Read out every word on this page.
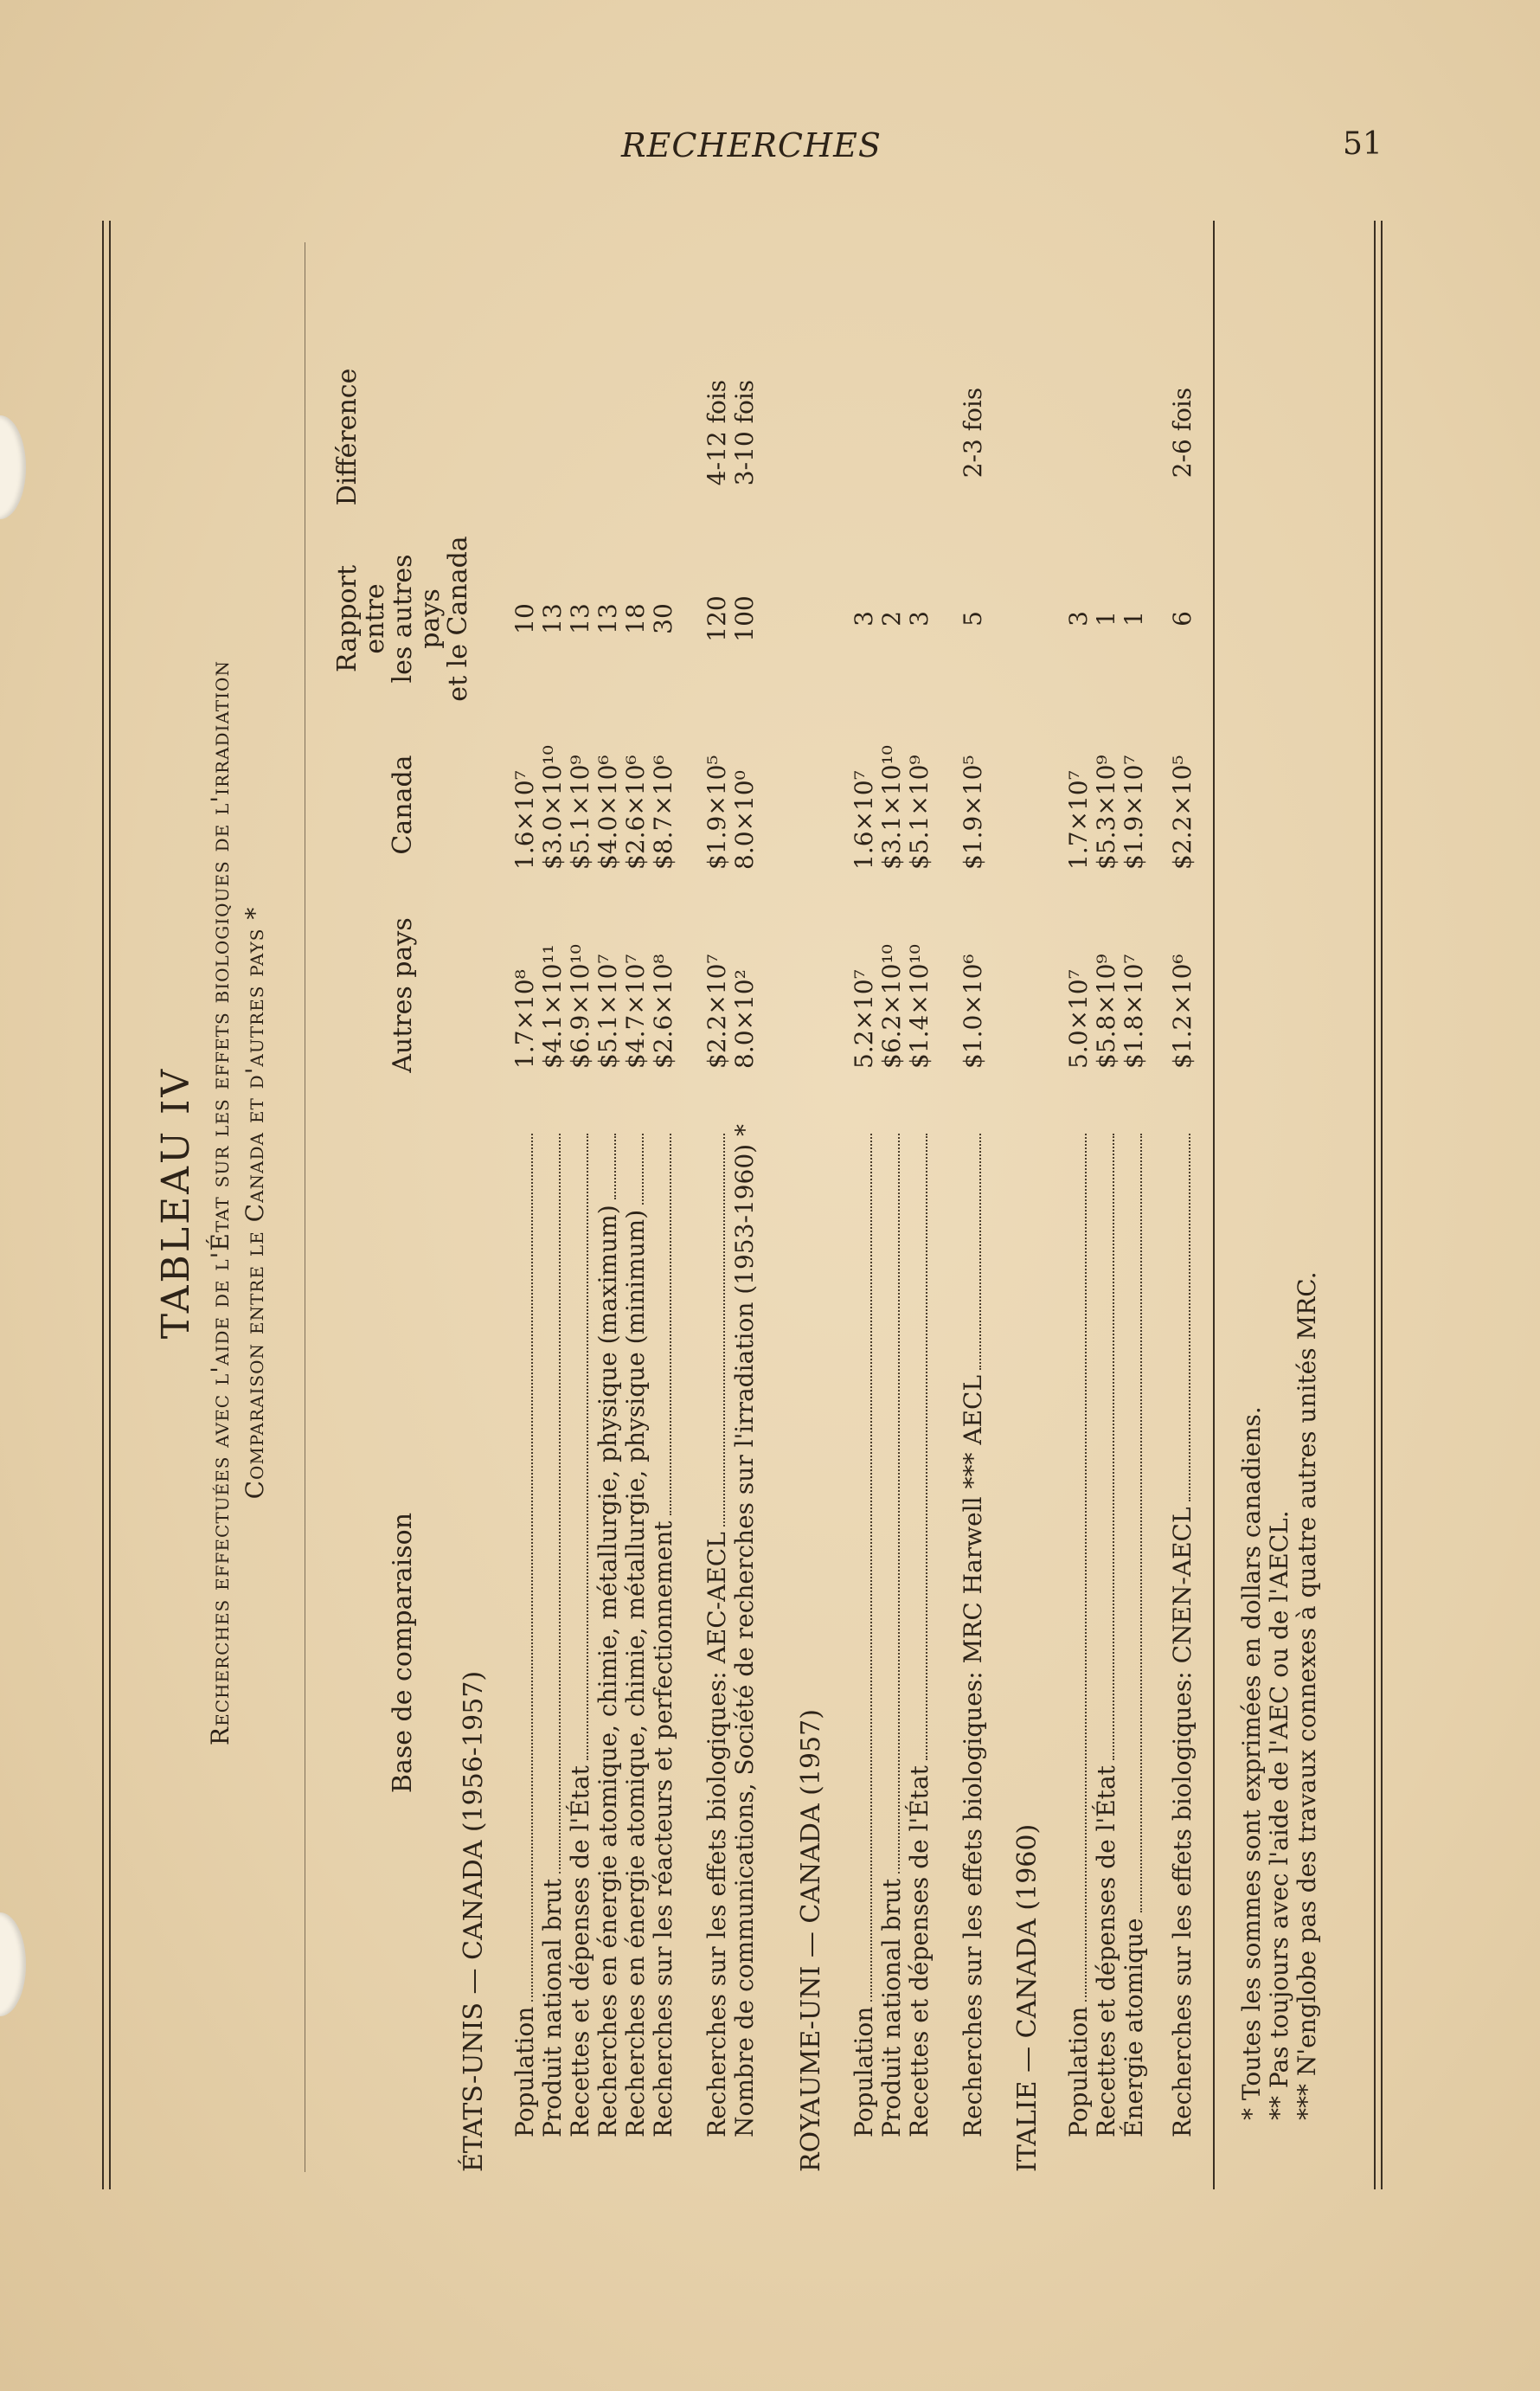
RECHERCHES	51
TABLEAU IV Recherches effectuées avec l'aide de l'État sur les effets biologiques de l'irradiation Comparaison entre le Canada et d'autres pays *
Base de comparaison
Autres pays
Canada
Rapport entre
les autres pays
et le Canada
Différence
ÉTATS-UNIS — CANADA (1956-1957) Population
1.7×10⁸
1.6×10⁷
10
Produit national brut
$4.1×10¹¹
$3.0×10¹⁰
13
Recettes et dépenses de l'État
$6.9×10¹⁰
$5.1×10⁹
13
Recherches en énergie atomique, chimie, métallurgie, physique (maximum)
$5.1×10⁷
$4.0×10⁶
13
Recherches en énergie atomique, chimie, métallurgie, physique (minimum)
$4.7×10⁷
$2.6×10⁶
18
Recherches sur les réacteurs et perfectionnement
$2.6×10⁸
$8.7×10⁶
30
Recherches sur les effets biologiques: AEC-AECL
$2.2×10⁷
$1.9×10⁵
120
4-12 fois
Nombre de communications, Société de recherches sur l'irradiation (1953-1960) *
8.0×10²
8.0×10⁰
100
3-10 fois
ROYAUME-UNI — CANADA (1957) Population
5.2×10⁷
1.6×10⁷
3
Produit national brut
$6.2×10¹⁰
$3.1×10¹⁰
2
Recettes et dépenses de l'État
$1.4×10¹⁰
$5.1×10⁹
3
Recherches sur les effets biologiques: MRC Harwell *** AECL
$1.0×10⁶
$1.9×10⁵
5
2-3 fois
ITALIE — CANADA (1960) Population
5.0×10⁷
1.7×10⁷
3
Recettes et dépenses de l'État
$5.8×10⁹
$5.3×10⁹
1
Énergie atomique
$1.8×10⁷
$1.9×10⁷
1
Recherches sur les effets biologiques: CNEN-AECL
$1.2×10⁶
$2.2×10⁵
6
2-6 fois
* Toutes les sommes sont exprimées en dollars canadiens. ** Pas toujours avec l'aide de l'AEC ou de l'AECL. *** N'englobe pas des travaux connexes à quatre autres unités MRC.
